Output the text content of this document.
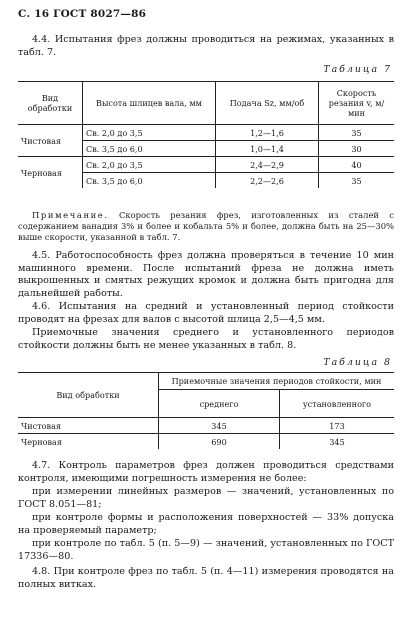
С. 16 ГОСТ 8027—86
4.4. Испытания фрез должны проводиться на режимах, указанных в табл. 7.
Таблица 7
Вид обработки	Высота шлицев вала, мм	Подача Sz, мм/об	Скорость резания v, м/мин
Чистовая	Св. 2,0 до 3,5	1,2—1,6	35
	Св. 3,5 до 6,0	1,0—1,4	30
Черновая	Св. 2,0 до 3,5	2,4—2,9	40
	Св. 3,5 до 6,0	2,2—2,6	35
Примечание. Скорость резания фрез, изготовленных из сталей с содержанием ванадия 3% и более и кобальта 5% и более, должна быть на 25—30% выше скорости, указанной в табл. 7.
4.5. Работоспособность фрез должна проверяться в течение 10 мин машинного времени. После испытаний фреза не должна иметь выкрошенных и смятых режущих кромок и должна быть пригодна для дальнейшей работы.
4.6. Испытания на средний и установленный период стойкости проводят на фрезах для валов с высотой шлица 2,5—4,5 мм.
Приемочные значения среднего и установленного периодов стойкости должны быть не менее указанных в табл. 8.
Таблица 8
Вид обработки	Приемочные значения периодов стойкости, мин	
	среднего	установленного
Чистовая	345	173
Черновая	690	345
4.7. Контроль параметров фрез должен проводиться средствами контроля, имеющими погрешность измерения не более:
при измерении линейных размеров — значений, установленных по ГОСТ 8.051—81;
при контроле формы и расположения поверхностей — 33% допуска на проверяемый параметр;
при контроле по табл. 5 (п. 5—9) — значений, установленных по ГОСТ 17336—80.
4.8. При контроле фрез по табл. 5 (п. 4—11) измерения проводятся на полных витках.
